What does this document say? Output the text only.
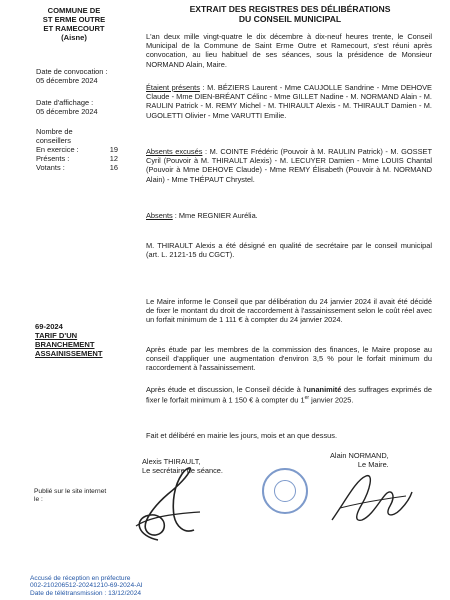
COMMUNE DE
ST ERME OUTRE
ET RAMECOURT
(Aisne)
EXTRAIT DES REGISTRES DES DÉLIBÉRATIONS
DU CONSEIL MUNICIPAL
Date de convocation :
05 décembre 2024
Date d'affichage :
05 décembre 2024
Nombre de
conseillers
En exercice :	19
Présents :	12
Votants :	16
69-2024
TARIF D'UN
BRANCHEMENT
ASSAINISSEMENT
Publié sur le site internet
le :
L'an deux mille vingt-quatre le dix décembre à dix-neuf heures trente, le Conseil Municipal de la Commune de Saint Erme Outre et Ramecourt, s'est réuni après convocation, au lieu habituel de ses séances, sous la présidence de Monsieur NORMAND Alain, Maire.
Étaient présents : M. BÉZIERS Laurent - Mme CAUJOLLE Sandrine - Mme DEHOVE Claude - Mme DIEN-BRÉANT Célinc - Mme GILLET Nadine - M. NORMAND Alain - M. RAULIN Patrick - M. REMY Michel - M. THIRAULT Alexis - M. THIRAULT Damien - M. UGOLETTI Olivier - Mme VARUTTI Emilie.
Absents excusés : M. COINTE Frédéric (Pouvoir à M. RAULIN Patrick) - M. GOSSET Cyril (Pouvoir à M. THIRAULT Alexis) - M. LECUYER Damien - Mme LOUIS Chantal (Pouvoir à Mme DEHOVE Claude) - Mme REMY Élisabeth (Pouvoir à M. NORMAND Alain) - Mme THÉPAUT Chrystel.
Absents : Mme REGNIER Aurélia.
M. THIRAULT Alexis a été désigné en qualité de secrétaire par le conseil municipal (art. L. 2121-15 du CGCT).
Le Maire informe le Conseil que par délibération du 24 janvier 2024 il avait été décidé de fixer le montant du droit de raccordement à l'assainissement selon le coût réel avec un forfait minimum de 1 111 € à compter du 24 janvier 2024.
Après étude par les membres de la commission des finances, le Maire propose au conseil d'appliquer une augmentation d'environ 3,5 % pour le forfait minimum du raccordement à l'assainissement.
Après étude et discussion, le Conseil décide à l'unanimité des suffrages exprimés de fixer le forfait minimum à 1 150 € à compter du 1er janvier 2025.
Fait et délibéré en mairie les jours, mois et an que dessus.
Alexis THIRAULT,
Le secrétaire de séance.
Alain NORMAND,
Le Maire.
Accusé de réception en préfecture
002-210206512-20241210-69-2024-AI
Date de télétransmission : 13/12/2024
